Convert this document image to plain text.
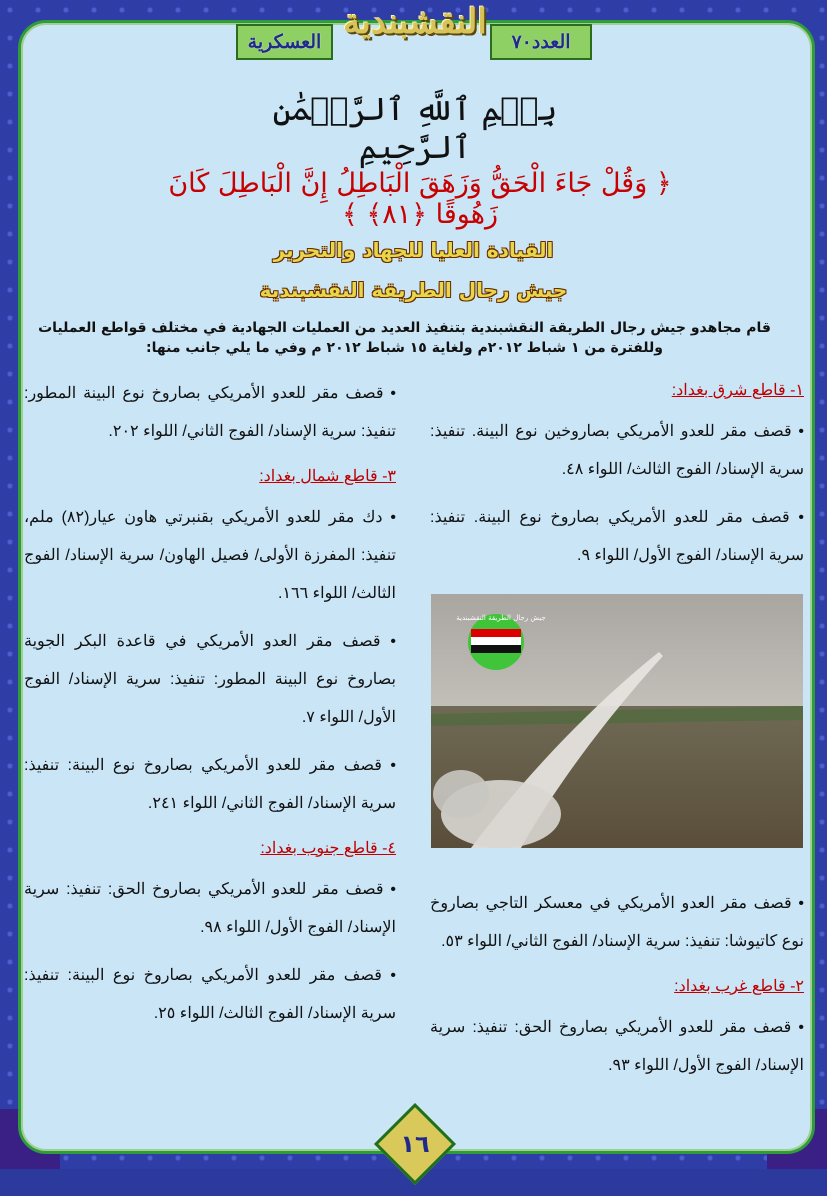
النقشبندية
العسكرية	العدد٧٠
بِسۡمِ ٱللَّهِ ٱلرَّحۡمَٰنِ ٱلرَّحِيمِ
﴿ وَقُلْ جَاءَ الْحَقُّ وَزَهَقَ الْبَاطِلُ إِنَّ الْبَاطِلَ كَانَ زَهُوقًا ﴿٨١﴾ ﴾
القيادة العليا للجهاد والتحرير
جيش رجال الطريقة النقشبندية
قام مجاهدو جيش رجال الطريقة النقشبندية بتنفيذ العديد من العمليات الجهادية في مختلف قواطع العمليات وللفترة من ١ شباط ٢٠١٢م ولغاية ١٥ شباط ٢٠١٢ م وفي ما يلي جانب منها:
١- قاطع شرق بغداد:
• قصف مقر للعدو الأمريكي بصاروخين نوع البينة. تنفيذ: سرية الإسناد/ الفوج الثالث/ اللواء ٤٨.
• قصف مقر للعدو الأمريكي بصاروخ نوع البينة. تنفيذ: سرية الإسناد/ الفوج الأول/ اللواء ٩.
• قصف مقر العدو الأمريكي في معسكر التاجي بصاروخ نوع كاتيوشا: تنفيذ: سرية الإسناد/ الفوج الثاني/ اللواء ٥٣.
٢- قاطع غرب بغداد:
• قصف مقر للعدو الأمريكي بصاروخ الحق: تنفيذ: سرية الإسناد/ الفوج الأول/ اللواء ٩٣.
جيش رجال الطريقة النقشبندية
• قصف مقر للعدو الأمريكي بصاروخ نوع البينة المطور: تنفيذ: سرية الإسناد/ الفوج الثاني/ اللواء ٢٠٢.
٣- قاطع شمال بغداد:
• دك مقر للعدو الأمريكي بقنبرتي هاون عيار(٨٢) ملم، تنفيذ: المفرزة الأولى/ فصيل الهاون/ سرية الإسناد/ الفوج الثالث/ اللواء ١٦٦.
• قصف مقر العدو الأمريكي في قاعدة البكر الجوية بصاروخ نوع البينة المطور: تنفيذ: سرية الإسناد/ الفوج الأول/ اللواء ٧.
• قصف مقر للعدو الأمريكي بصاروخ نوع البينة: تنفيذ: سرية الإسناد/ الفوج الثاني/ اللواء ٢٤١.
٤- قاطع جنوب بغداد:
• قصف مقر للعدو الأمريكي بصاروخ الحق: تنفيذ: سرية الإسناد/ الفوج الأول/ اللواء ٩٨.
• قصف مقر للعدو الأمريكي بصاروخ نوع البينة: تنفيذ: سرية الإسناد/ الفوج الثالث/ اللواء ٢٥.
١٦
